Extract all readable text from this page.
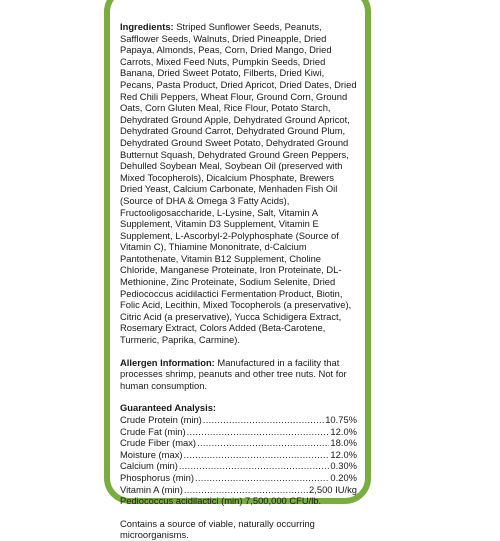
Ingredients: Striped Sunflower Seeds, Peanuts, Safflower Seeds, Walnuts, Dried Pineapple, Dried Papaya, Almonds, Peas, Corn, Dried Mango, Dried Carrots, Mixed Feed Nuts, Pumpkin Seeds, Dried Banana, Dried Sweet Potato, Filberts, Dried Kiwi, Pecans, Pasta Product, Dried Apricot, Dried Dates, Dried Red Chili Peppers, Wheat Flour, Ground Corn, Ground Oats, Corn Gluten Meal, Rice Flour, Potato Starch, Dehydrated Ground Apple, Dehydrated Ground Apricot, Dehydrated Ground Carrot, Dehydrated Ground Plum, Dehydrated Ground Sweet Potato, Dehydrated Ground Butternut Squash, Dehydrated Ground Green Peppers, Dehulled Soybean Meal, Soybean Oil (preserved with Mixed Tocopherols), Dicalcium Phosphate, Brewers Dried Yeast, Calcium Carbonate, Menhaden Fish Oil (Source of DHA & Omega 3 Fatty Acids), Fructooligosaccharide, L-Lysine, Salt, Vitamin A Supplement, Vitamin D3 Supplement, Vitamin E Supplement, L-Ascorbyl-2-Polyphosphate (Source of Vitamin C), Thiamine Mononitrate, d-Calcium Pantothenate, Vitamin B12 Supplement, Choline Chloride, Manganese Proteinate, Iron Proteinate, DL-Methionine, Zinc Proteinate, Sodium Selenite, Dried Pediococcus acidilactici Fermentation Product, Biotin, Folic Acid, Lecithin, Mixed Tocopherols (a preservative), Citric Acid (a preservative), Yucca Schidigera Extract, Rosemary Extract, Colors Added (Beta-Carotene, Turmeric, Paprika, Carmine).

Allergen Information: Manufactured in a facility that processes shrimp, peanuts and other tree nuts. Not for human consumption.

Guaranteed Analysis:

Crude Protein (min) .....	10.75%
Crude Fat (min) .....	12.0%
Crude Fiber (max) .....	18.0%
Moisture (max) .....	12.0%
Calcium (min) .....	0.30%
Phosphorus (min) .....	0.20%
Vitamin A (min) .....	2,500 IU/kg
Pediococcus acidilactici (min) 7,500,000 CFU/lb.

Contains a source of viable, naturally occurring microorganisms.
